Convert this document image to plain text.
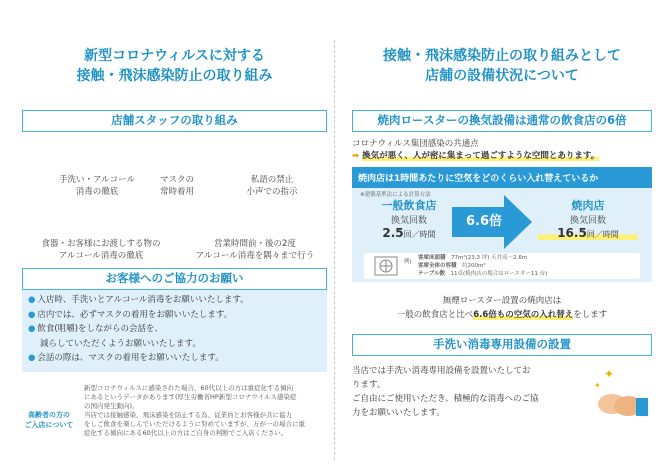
新型コロナウィルスに対する
接触・飛沫感染防止の取り組み
店舗スタッフの取り組み
手洗い・アルコール
消毒の徹底
マスクの
常時着用
私語の禁止
小声での指示
食器・お客様にお渡しする物の
アルコール消毒の徹底
営業時間前・後の2度
アルコール消毒を隅々まで行う
お客様へのご協力のお願い
● 入店時、手洗いとアルコール消毒をお願いいたします。
● 店内では、必ずマスクの着用をお願いいたします。
● 飲食(咀嚼)をしながらの会話を、
減らしていただくようお願いいたします。
● 会話の際は、マスクの着用をお願いいたします。
高齢者の方の
ご入店について
新型コロナウィルスに感染された場合、60代以上の方は重症化する傾向
にあるというデータがあります(厚生労働省HP新型コロナウイルス感染症
の国内発生動向)。
当店では接触感染、飛沫感染を防止する為、従業員とお客様が共に協力
をしご飲食を楽しんでいただけるように努めていますが、万が一の場合に重
症化する傾向にある60代以上の方はご自身の判断でご入店ください。
接触・飛沫感染防止の取り組みとして
店舗の設備状況について
焼肉ロースターの換気設備は通常の飲食店の6倍
コロナウィルス集団感染の共通点
➡ 換気が悪く、人が密に集まって過ごすような空間とあります。
焼肉店は1時間あたりに空気をどのくらい入れ替えているか
※建築基準法による計算方法
一般飲食店
換気回数
2.5回／時間
6.6倍
焼肉店
換気回数
16.5回／時間
例)
客席床面積　 77m²(23.3 坪) 天井高～2.6m
客席全体の容積　 約200m³
テーブル数　 11卓(焼肉店の場合はロースター11 台)
無煙ロースター設置の焼肉店は
一般の飲食店と比べ6.6倍もの空気の入れ替えをします
手洗い消毒専用設備の設置
当店では手洗い消毒専用設備を設置いたしてお
ります。
ご自由にご使用いただき、積極的な消毒へのご協
力をお願いいたします。
✦
✦
